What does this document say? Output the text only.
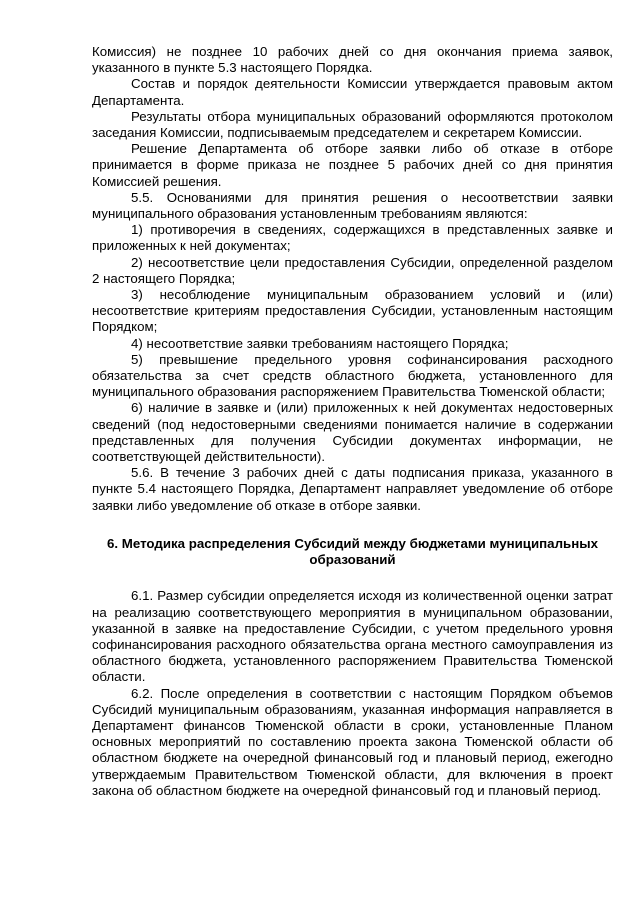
Комиссия) не позднее 10 рабочих дней со дня окончания приема заявок, указанного в пункте 5.3 настоящего Порядка.

Состав и порядок деятельности Комиссии утверждается правовым актом Департамента.

Результаты отбора муниципальных образований оформляются протоколом заседания Комиссии, подписываемым председателем и секретарем Комиссии.

Решение Департамента об отборе заявки либо об отказе в отборе принимается в форме приказа не позднее 5 рабочих дней со дня принятия Комиссией решения.

5.5. Основаниями для принятия решения о несоответствии заявки муниципального образования установленным требованиям являются:

1) противоречия в сведениях, содержащихся в представленных заявке и приложенных к ней документах;

2) несоответствие цели предоставления Субсидии, определенной разделом 2 настоящего Порядка;

3) несоблюдение муниципальным образованием условий и (или) несоответствие критериям предоставления Субсидии, установленным настоящим Порядком;

4) несоответствие заявки требованиям настоящего Порядка;

5) превышение предельного уровня софинансирования расходного обязательства за счет средств областного бюджета, установленного для муниципального образования распоряжением Правительства Тюменской области;

6) наличие в заявке и (или) приложенных к ней документах недостоверных сведений (под недостоверными сведениями понимается наличие в содержании представленных для получения Субсидии документах информации, не соответствующей действительности).

5.6. В течение 3 рабочих дней с даты подписания приказа, указанного в пункте 5.4 настоящего Порядка, Департамент направляет уведомление об отборе заявки либо уведомление об отказе в отборе заявки.

6. Методика распределения Субсидий между бюджетами муниципальных образований

6.1. Размер субсидии определяется исходя из количественной оценки затрат на реализацию соответствующего мероприятия в муниципальном образовании, указанной в заявке на предоставление Субсидии, с учетом предельного уровня софинансирования расходного обязательства органа местного самоуправления из областного бюджета, установленного распоряжением Правительства Тюменской области.

6.2. После определения в соответствии с настоящим Порядком объемов Субсидий муниципальным образованиям, указанная информация направляется в Департамент финансов Тюменской области в сроки, установленные Планом основных мероприятий по составлению проекта закона Тюменской области об областном бюджете на очередной финансовый год и плановый период, ежегодно утверждаемым Правительством Тюменской области, для включения в проект закона об областном бюджете на очередной финансовый год и плановый период.
